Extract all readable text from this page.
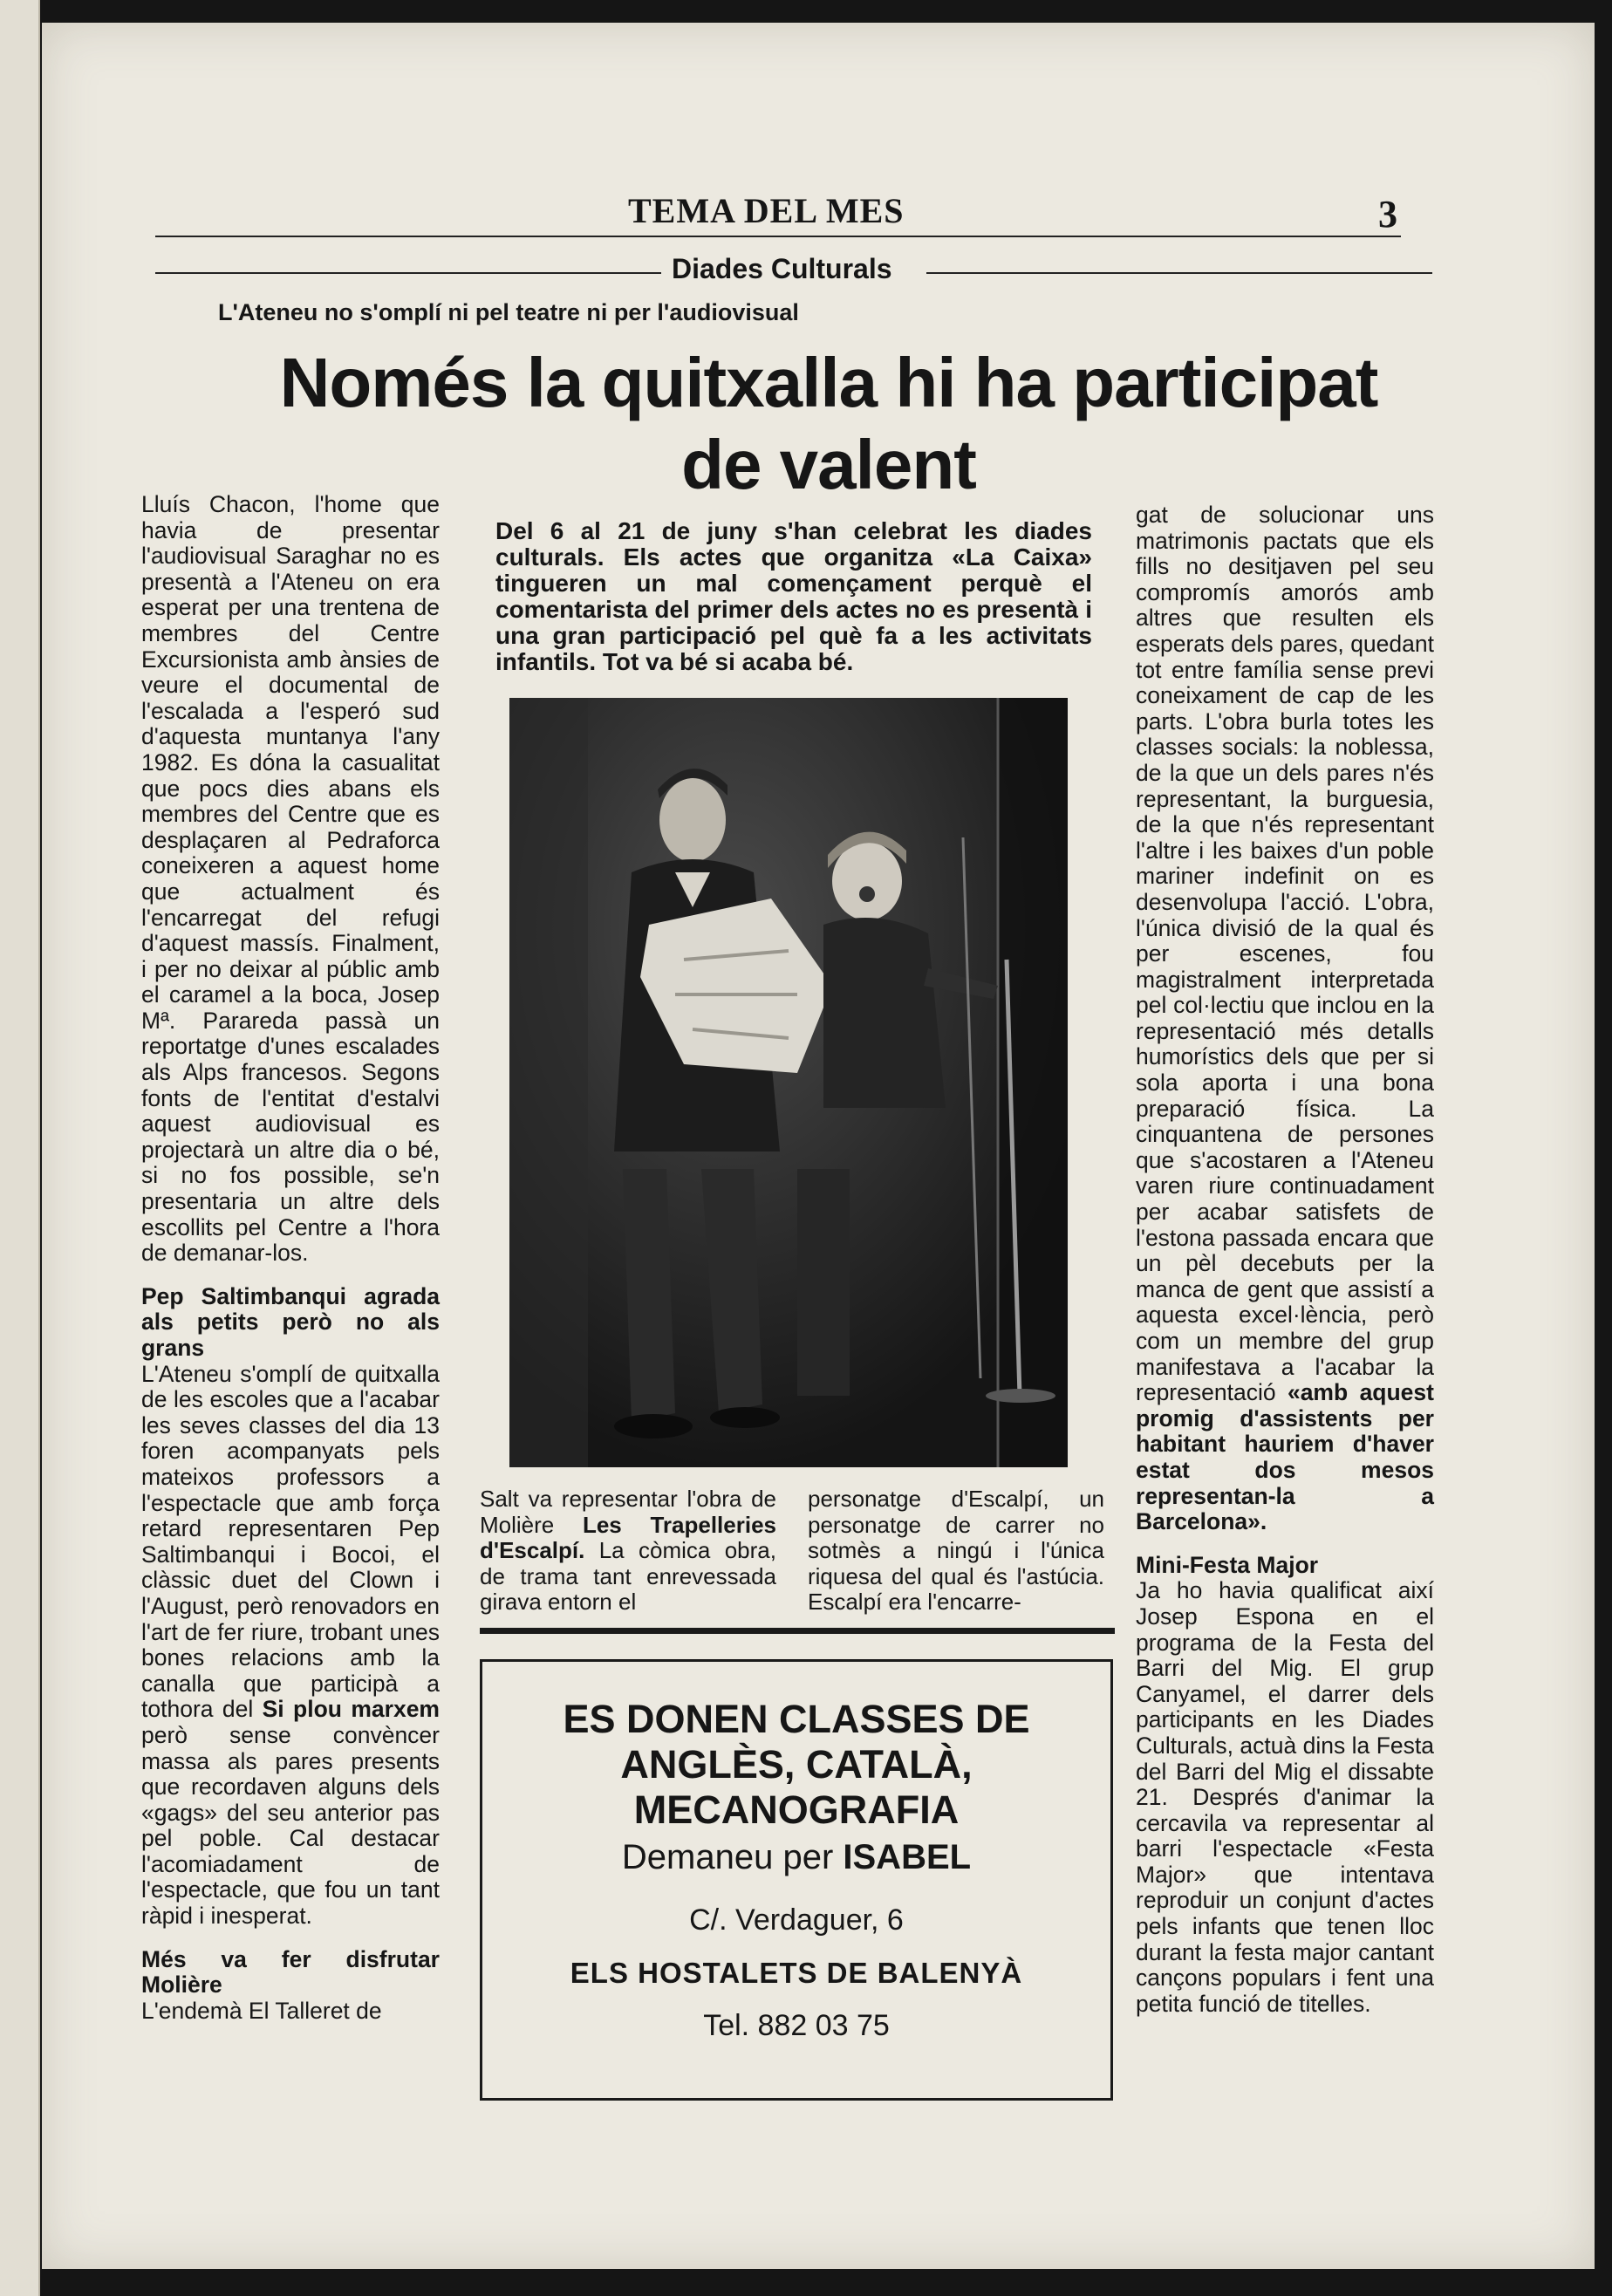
TEMA DEL MES	3
Diades Culturals
L'Ateneu no s'omplí ni pel teatre ni per l'audiovisual
Només la quitxalla hi ha participat
de valent

Lluís Chacon, l'home que havia de presentar l'audiovisual Saraghar no es presentà a l'Ateneu on era esperat per una trentena de membres del Centre Excursionista amb ànsies de veure el documental de l'escalada a l'esperó sud d'aquesta muntanya l'any 1982. Es dóna la casualitat que pocs dies abans els membres del Centre que es desplaçaren al Pedraforca coneixeren a aquest home que actualment és l'encarregat del refugi d'aquest massís. Finalment, i per no deixar al públic amb el caramel a la boca, Josep Mª. Parareda passà un reportatge d'unes escalades als Alps francesos. Segons fonts de l'entitat d'estalvi aquest audiovisual es projectarà un altre dia o bé, si no fos possible, se'n presentaria un altre dels escollits pel Centre a l'hora de demanar-los.

Pep Saltimbanqui agrada als petits però no als grans

L'Ateneu s'omplí de quitxalla de les escoles que a l'acabar les seves classes del dia 13 foren acompanyats pels mateixos professors a l'espectacle que amb força retard representaren Pep Saltimbanqui i Bocoi, el clàssic duet del Clown i l'August, però renovadors en l'art de fer riure, trobant unes bones relacions amb la canalla que participà a tothora del Si plou marxem però sense convèncer massa als pares presents que recordaven alguns dels «gags» del seu anterior pas pel poble. Cal destacar l'acomiadament de l'espectacle, que fou un tant ràpid i inesperat.

Més va fer disfrutar Molière

L'endemà El Talleret de

Del 6 al 21 de juny s'han celebrat les diades culturals. Els actes que organitza «La Caixa» tingueren un mal començament perquè el comentarista del primer dels actes no es presentà i una gran participació pel què fa a les activitats infantils. Tot va bé si acaba bé.
Salt va representar l'obra de Molière Les Trapelleries d'Escalpí. La còmica obra, de trama tant enrevessada girava entorn el
personatge d'Escalpí, un personatge de carrer no sotmès a ningú i l'única riquesa del qual és l'astúcia. Escalpí era l'encarre-
ES DONEN CLASSES DE
ANGLÈS, CATALÀ,
MECANOGRAFIA
Demaneu per ISABEL
C/. Verdaguer, 6
ELS HOSTALETS DE BALENYÀ
Tel. 882 03 75

gat de solucionar uns matrimonis pactats que els fills no desitjaven pel seu compromís amorós amb altres que resulten els esperats dels pares, quedant tot entre família sense previ coneixament de cap de les parts. L'obra burla totes les classes socials: la noblessa, de la que un dels pares n'és representant, la burguesia, de la que n'és representant l'altre i les baixes d'un poble mariner indefinit on es desenvolupa l'acció. L'obra, l'única divisió de la qual és per escenes, fou magistralment interpretada pel col·lectiu que inclou en la representació més detalls humorístics dels que per si sola aporta i una bona preparació física. La cinquantena de persones que s'acostaren a l'Ateneu varen riure continuadament per acabar satisfets de l'estona passada encara que un pèl decebuts per la manca de gent que assistí a aquesta excel·lència, però com un membre del grup manifestava a l'acabar la representació «amb aquest promig d'assistents per habitant hauriem d'haver estat dos mesos representan-la a Barcelona».

Mini-Festa Major

Ja ho havia qualificat així Josep Espona en el programa de la Festa del Barri del Mig. El grup Canyamel, el darrer dels participants en les Diades Culturals, actuà dins la Festa del Barri del Mig el dissabte 21. Després d'animar la cercavila va representar al barri l'espectacle «Festa Major» que intentava reproduir un conjunt d'actes pels infants que tenen lloc durant la festa major cantant cançons populars i fent una petita funció de titelles.
